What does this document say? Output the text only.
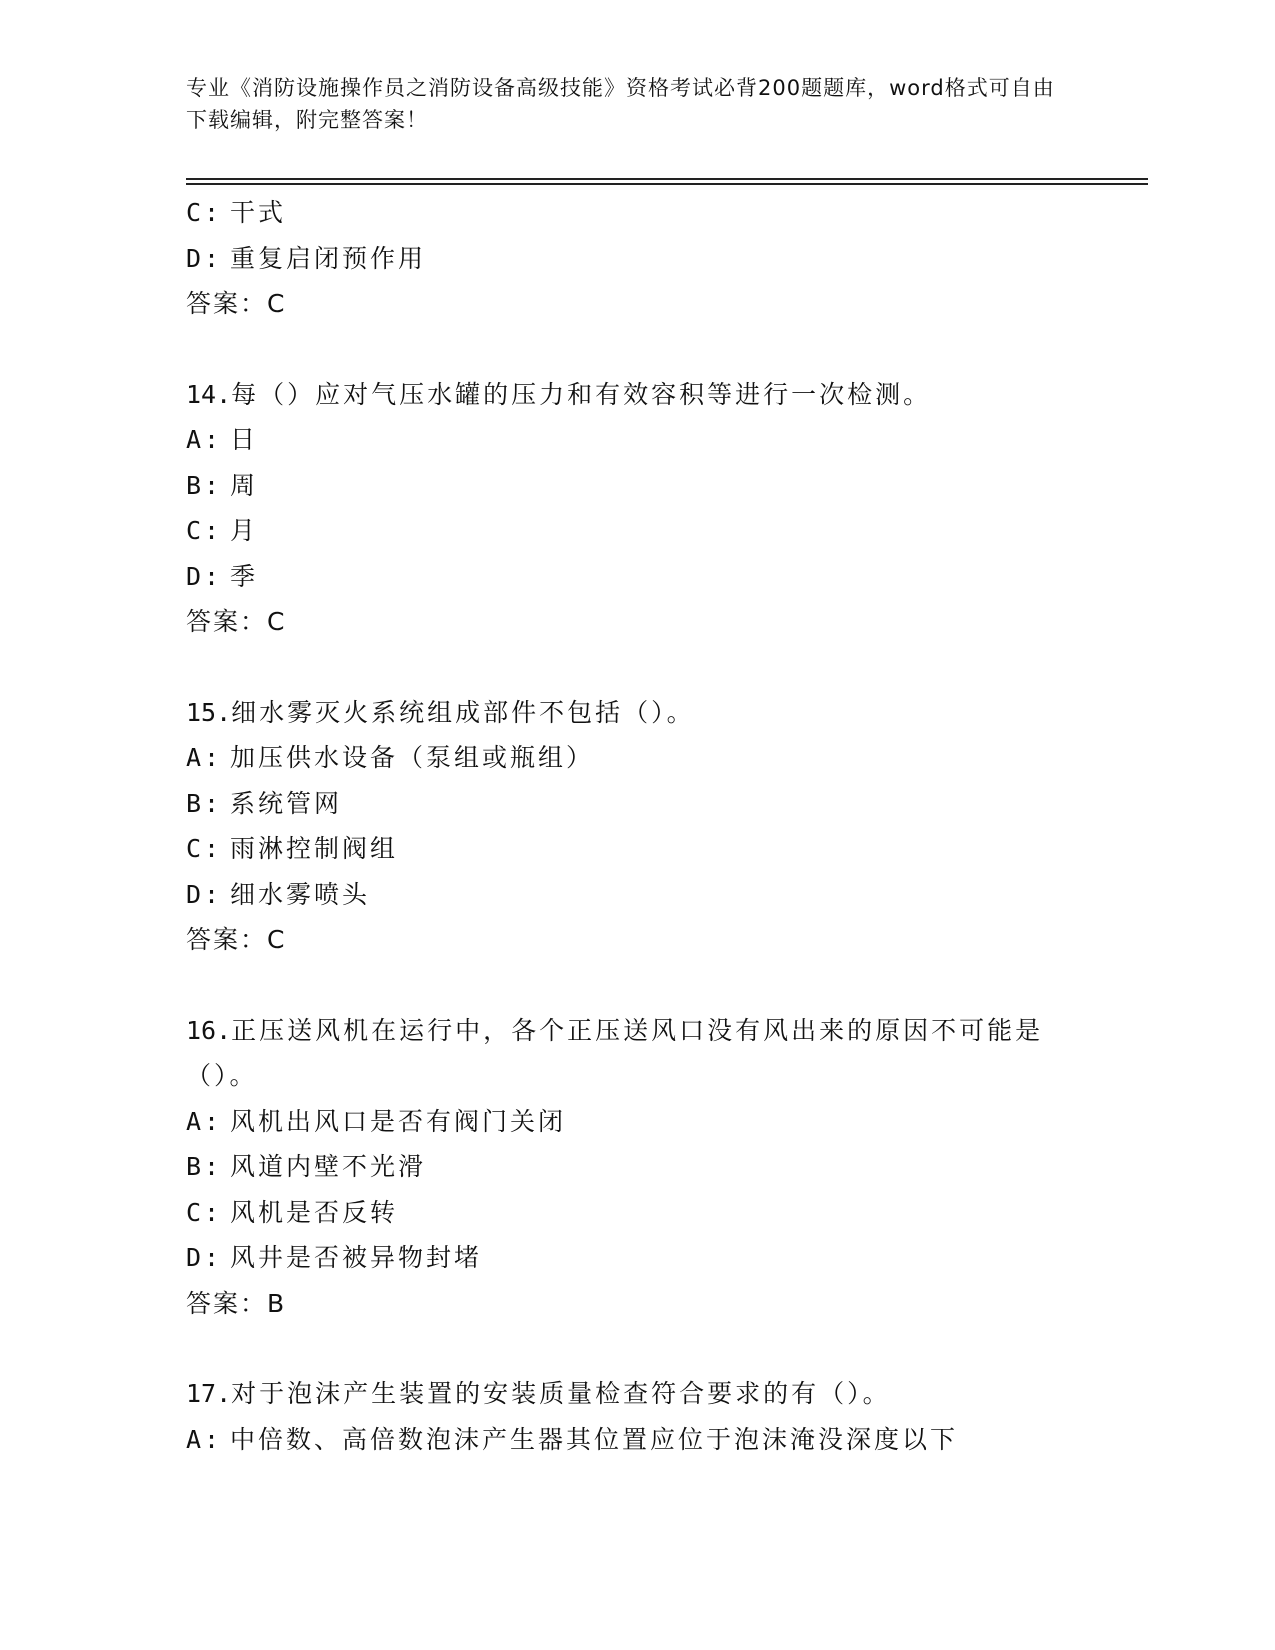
专业《消防设施操作员之消防设备高级技能》资格考试必背200题题库，word格式可自由下载编辑，附完整答案！
C: 干式
D: 重复启闭预作用
答案：C
14.每（）应对气压水罐的压力和有效容积等进行一次检测。
A: 日
B: 周
C: 月
D: 季
答案：C
15.细水雾灭火系统组成部件不包括（）。
A: 加压供水设备（泵组或瓶组）
B: 系统管网
C: 雨淋控制阀组
D: 细水雾喷头
答案：C
16.正压送风机在运行中，各个正压送风口没有风出来的原因不可能是
（）。
A: 风机出风口是否有阀门关闭
B: 风道内壁不光滑
C: 风机是否反转
D: 风井是否被异物封堵
答案：B
17.对于泡沫产生装置的安装质量检查符合要求的有（）。
A: 中倍数、高倍数泡沫产生器其位置应位于泡沫淹没深度以下
